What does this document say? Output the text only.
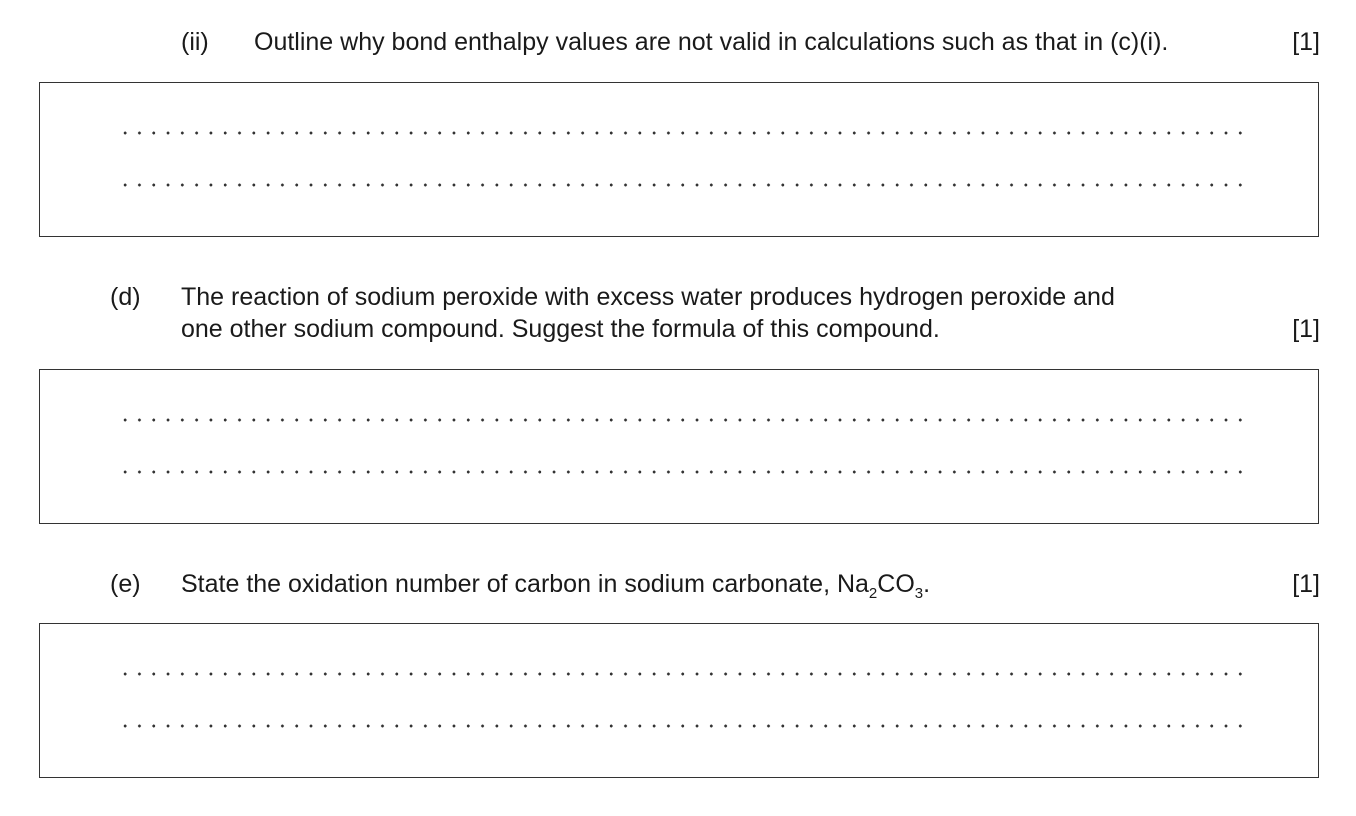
(ii) Outline why bond enthalpy values are not valid in calculations such as that in (c)(i).	[1]
(d) The reaction of sodium peroxide with excess water produces hydrogen peroxide and
one other sodium compound. Suggest the formula of this compound.	[1]
(e) State the oxidation number of carbon in sodium carbonate, $Na_2CO_3$.	[1]
